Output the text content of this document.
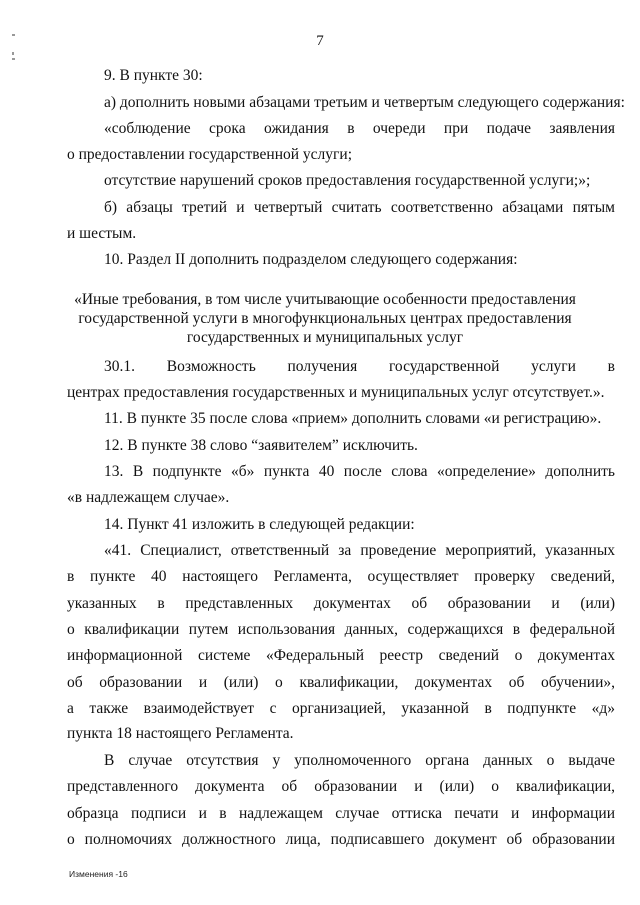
7
9. В пункте 30:
а) дополнить новыми абзацами третьим и четвертым следующего содержания:
«соблюдение срока ожидания в очереди при подаче заявления
о предоставлении государственной услуги;
отсутствие нарушений сроков предоставления государственной услуги;»;
б) абзацы третий и четвертый считать соответственно абзацами пятым
и шестым.
10. Раздел II дополнить подразделом следующего содержания:
«Иные требования, в том числе учитывающие особенности предоставления
государственной услуги в многофункциональных центрах предоставления
государственных и муниципальных услуг
30.1. Возможность получения государственной услуги в
центрах предоставления государственных и муниципальных услуг отсутствует.».
11. В пункте 35 после слова «прием» дополнить словами «и регистрацию».
12. В пункте 38 слово “заявителем” исключить.
13. В подпункте «б» пункта 40 после слова «определение» дополнить
«в надлежащем случае».
14. Пункт 41 изложить в следующей редакции:
«41. Специалист, ответственный за проведение мероприятий, указанных
в пункте 40 настоящего Регламента, осуществляет проверку сведений,
указанных в представленных документах об образовании и (или)
о квалификации путем использования данных, содержащихся в федеральной
информационной системе «Федеральный реестр сведений о документах
об образовании и (или) о квалификации, документах об обучении»,
а также взаимодействует с организацией, указанной в подпункте «д»
пункта 18 настоящего Регламента.
В случае отсутствия у уполномоченного органа данных о выдаче
представленного документа об образовании и (или) о квалификации,
образца подписи и в надлежащем случае оттиска печати и информации
о полномочиях должностного лица, подписавшего документ об образовании
Изменения -16
